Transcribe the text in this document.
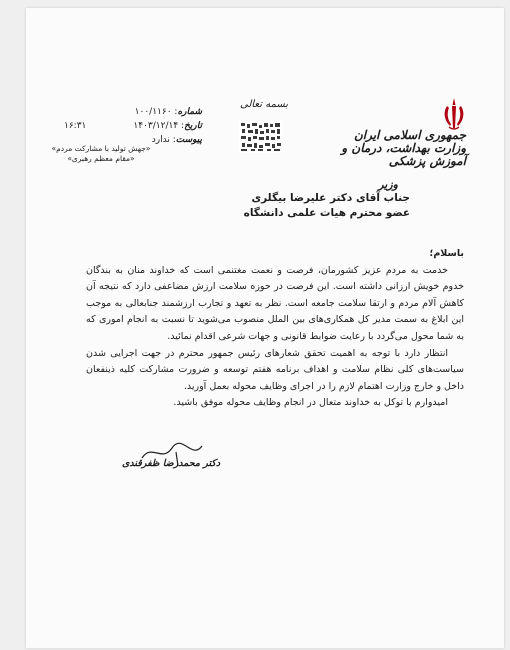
جمهوری اسلامی ایران
وزارت بهداشت، درمان و آموزش پزشکی
وزیر
بسمه تعالی
شماره: ۱۰۰/۱۱۶۰
تاریخ: ۱۴۰۳/۱۲/۱۴
پیوست: ندارد
۱۶:۳۱
«جهش تولید با مشارکت مردم»
«مقام معظم رهبری»
جناب آقای دکتر علیرضا بیگلری
عضو محترم هیات علمی دانشگاه

باسلام؛

خدمت به مردم عزیز کشورمان، فرصت و نعمت مغتنمی است که خداوند منان به بندگان خدوم خویش ارزانی داشته است. این فرصت در حوزه سلامت ارزش مضاعفی دارد که نتیجه آن کاهش آلام مردم و ارتقا سلامت جامعه است. نظر به تعهد و تجارب ارزشمند جنابعالی به موجب این ابلاغ به سمت مدیر کل همکاری‌های بین الملل منصوب می‌شوید تا نسبت به انجام اموری که به شما محول می‌گردد با رعایت ضوابط قانونی و جهات شرعی اقدام نمائید.

انتظار دارد با توجه به اهمیت تحقق شعارهای رئیس جمهور محترم در جهت اجرایی شدن سیاست‌های کلی نظام سلامت و اهداف برنامه هفتم توسعه و ضرورت مشارکت کلیه ذینفعان داخل و خارج وزارت اهتمام لازم را در اجرای وظایف محوله بعمل آورید.

امیدوارم با توکل به خداوند متعال در انجام وظایف محوله موفق باشید.

دکتر محمدرضا ظفرقندی
